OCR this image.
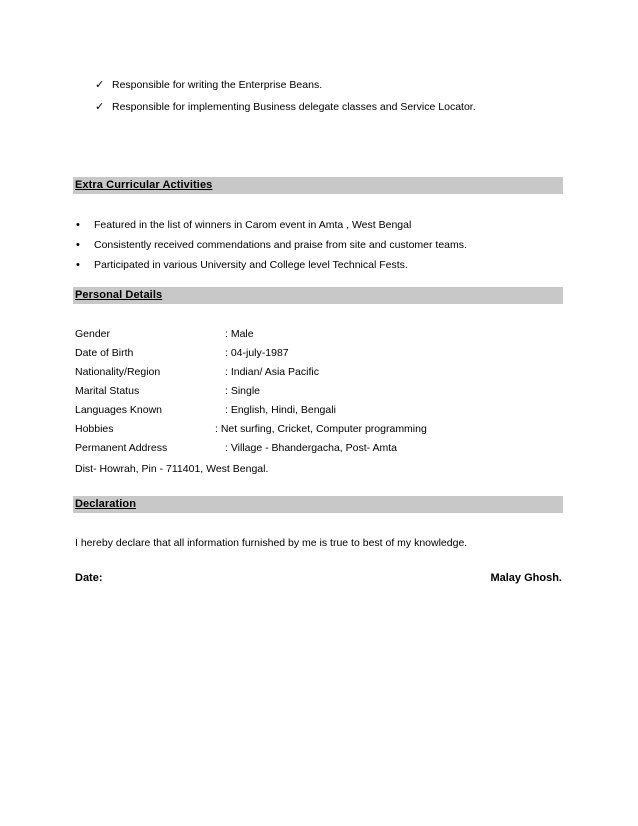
✓ Responsible for writing the Enterprise Beans.
✓ Responsible for implementing Business delegate classes and Service Locator.
Extra Curricular Activities
•	Featured in the list of winners in Carom event in Amta , West Bengal
•	Consistently received commendations and praise from site and customer teams.
•	Participated in various University and College level Technical Fests.
Personal Details
Gender	: Male
Date of Birth	: 04-july-1987
Nationality/Region	: Indian/ Asia Pacific
Marital Status	: Single
Languages Known	: English, Hindi, Bengali
Hobbies	: Net surfing, Cricket, Computer programming
Permanent Address	: Village - Bhandergacha, Post- Amta
Dist- Howrah, Pin - 711401, West Bengal.
Declaration
I hereby declare that all information furnished by me is true to best of my knowledge.
Date:	Malay Ghosh.
